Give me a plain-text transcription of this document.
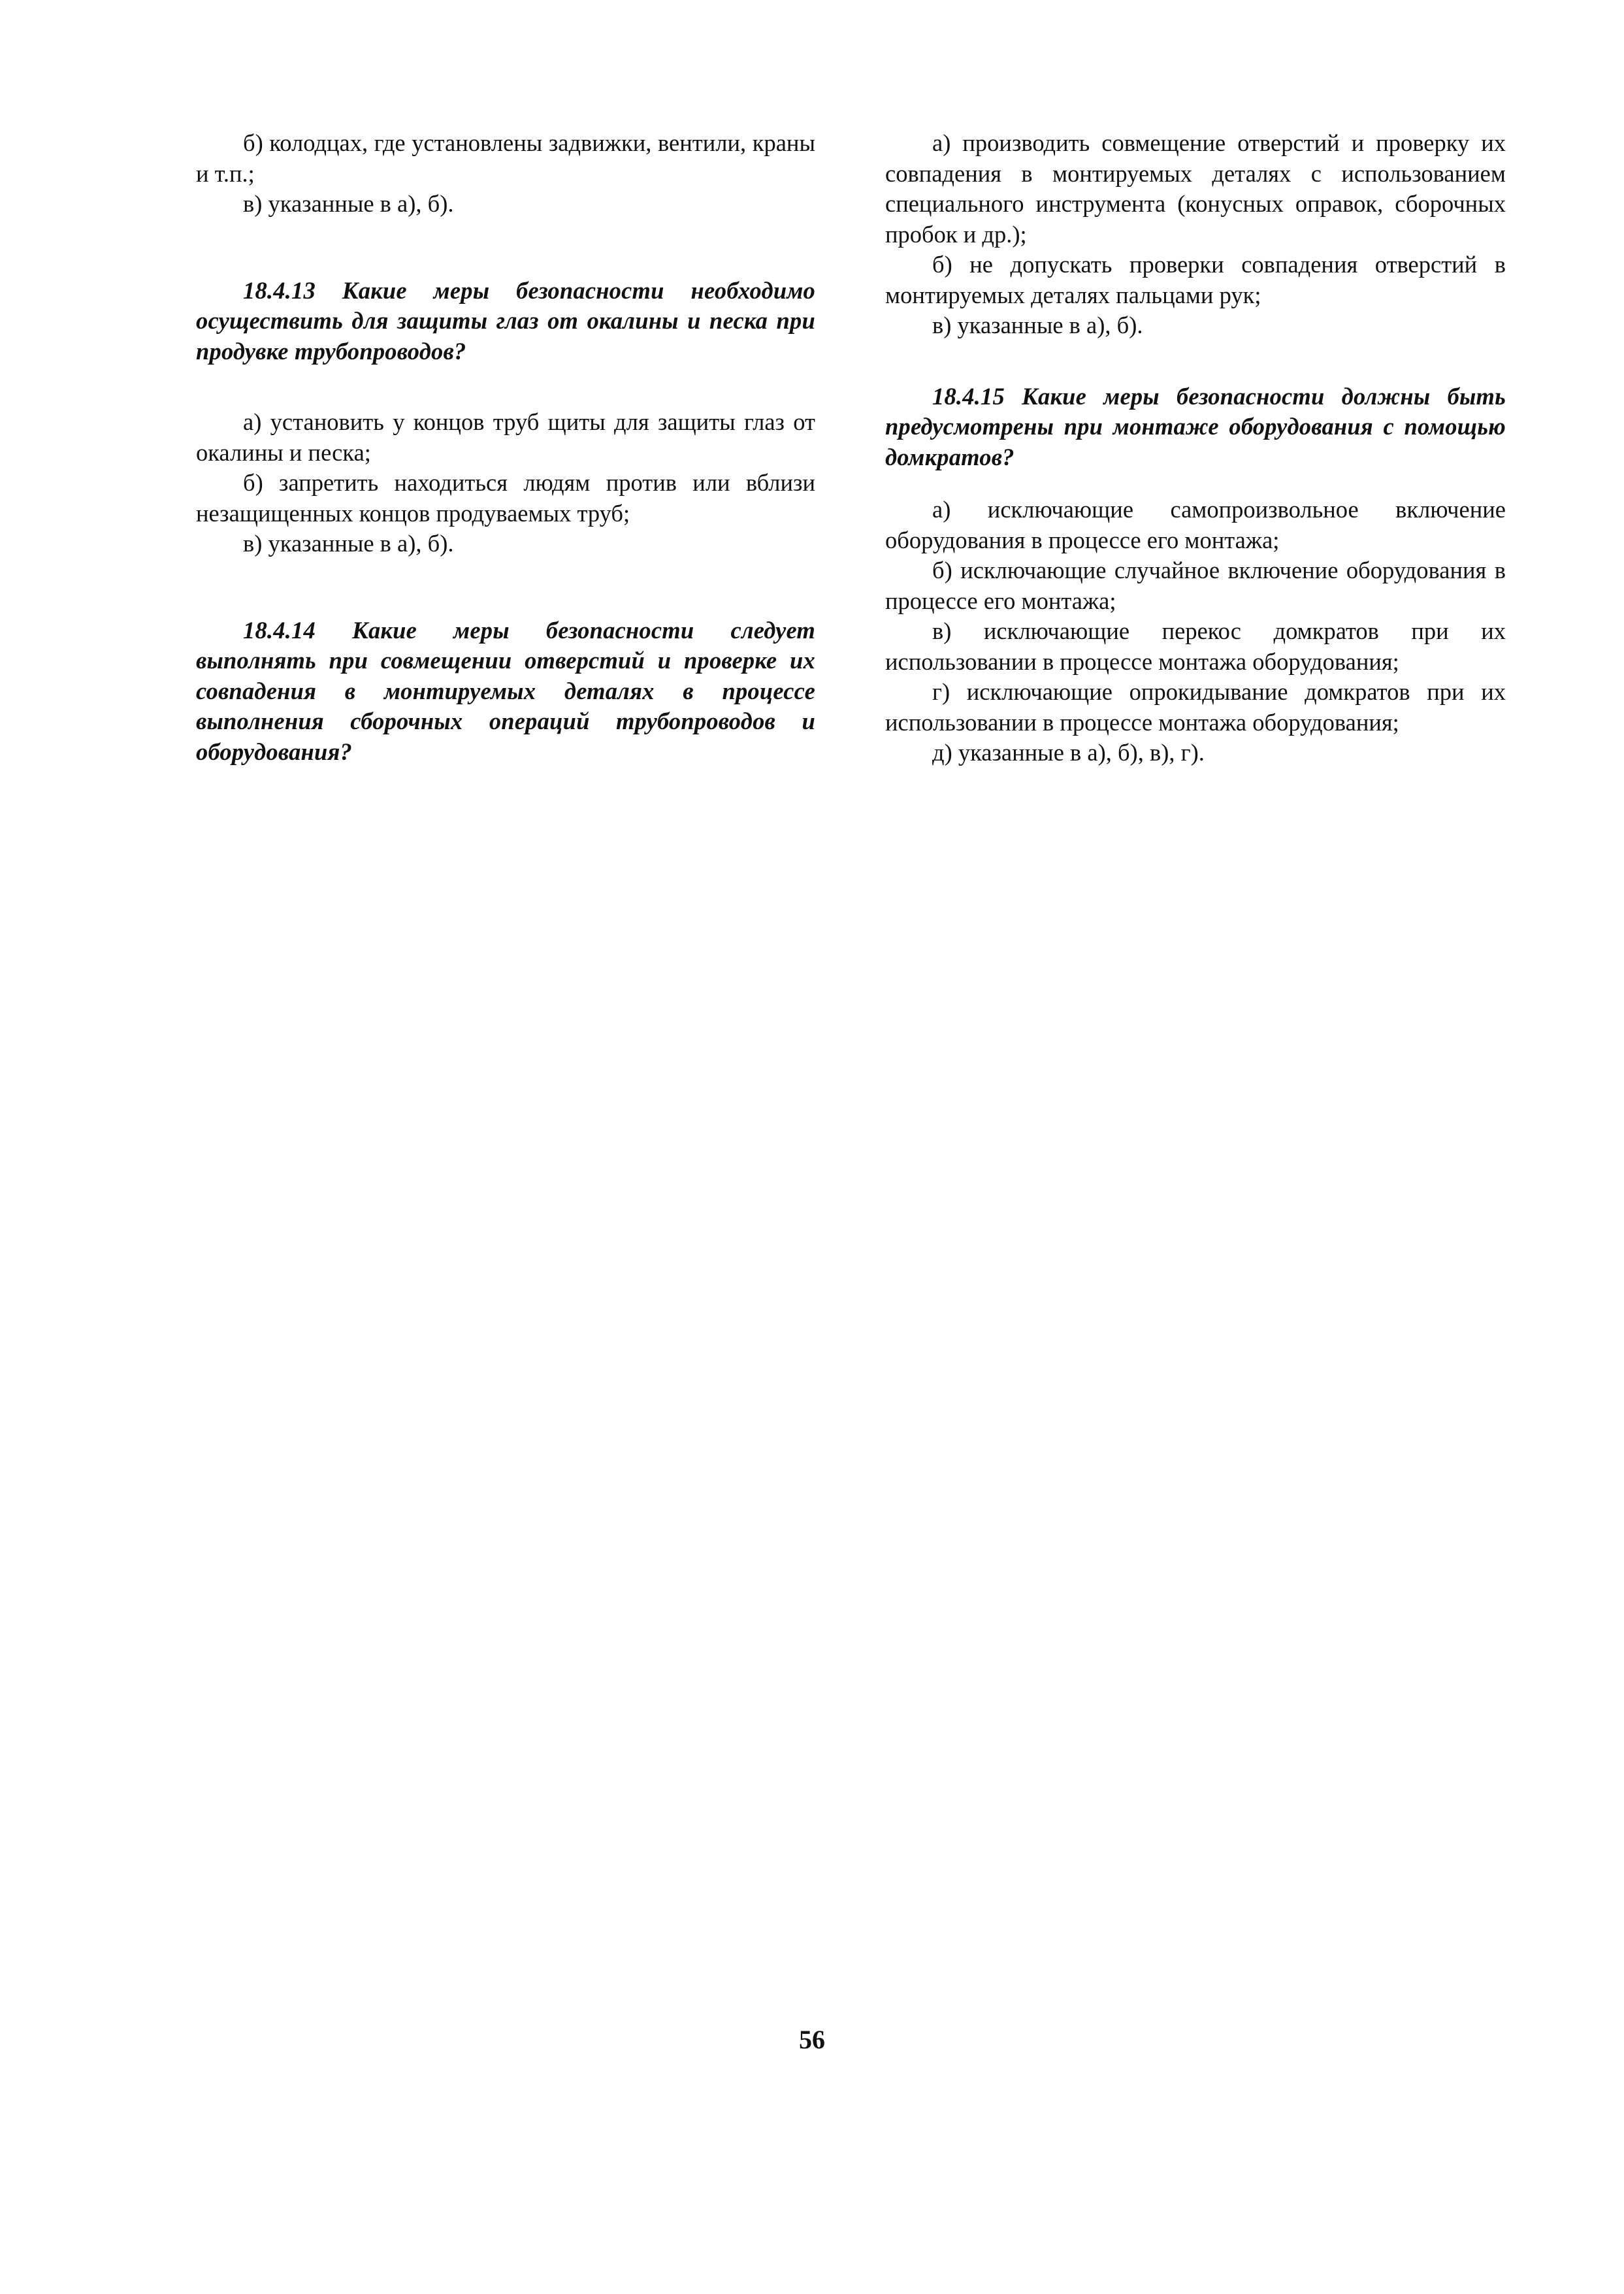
б) колодцах, где установлены задвижки, вентили, краны и т.п.;

в) указанные в а), б).

18.4.13 Какие меры безопасности необходимо осуществить для защиты глаз от окалины и песка при продувке трубопроводов?

а) установить у концов труб щиты для защиты глаз от окалины и песка;

б) запретить находиться людям против или вблизи незащищенных концов продуваемых труб;

в) указанные в а), б).

18.4.14 Какие меры безопасности следует выполнять при совмещении отверстий и проверке их совпадения в монтируемых деталях в процессе выполнения сборочных операций трубопроводов и оборудования?

а) производить совмещение отверстий и проверку их совпадения в монтируемых деталях с использованием специального инструмента (конусных оправок, сборочных пробок и др.);

б) не допускать проверки совпадения отверстий в монтируемых деталях пальцами рук;

в) указанные в а), б).

18.4.15 Какие меры безопасности должны быть предусмотрены при монтаже оборудования с помощью домкратов?

а) исключающие самопроизвольное включение оборудования в процессе его монтажа;

б) исключающие случайное включение оборудования в процессе его монтажа;

в) исключающие перекос домкратов при их использовании в процессе монтажа оборудования;

г) исключающие опрокидывание домкратов при их использовании в процессе монтажа оборудования;

д) указанные в а), б), в), г).

56
